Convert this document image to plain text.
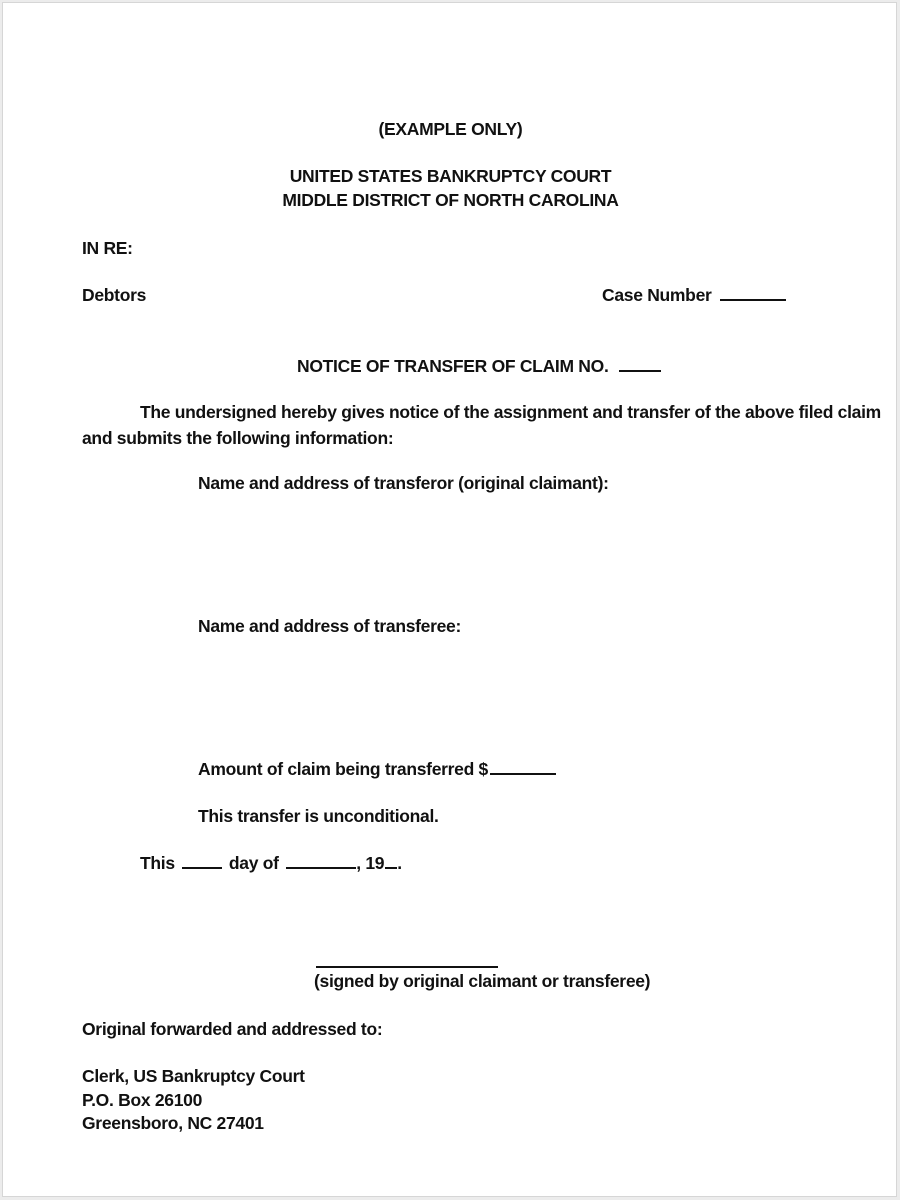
(EXAMPLE ONLY)
UNITED STATES BANKRUPTCY COURT
MIDDLE DISTRICT OF NORTH CAROLINA
IN RE:
Debtors	Case Number
NOTICE OF TRANSFER OF CLAIM NO.
The undersigned hereby gives notice of the assignment and transfer of the above filed claim
and submits the following information:
Name and address of transferor (original claimant):
Name and address of transferee:
Amount of claim being transferred $
This transfer is unconditional.
This	day of	, 19 .
(signed by original claimant or transferee)
Original forwarded and addressed to:
Clerk, US Bankruptcy Court
P.O. Box 26100
Greensboro, NC 27401
